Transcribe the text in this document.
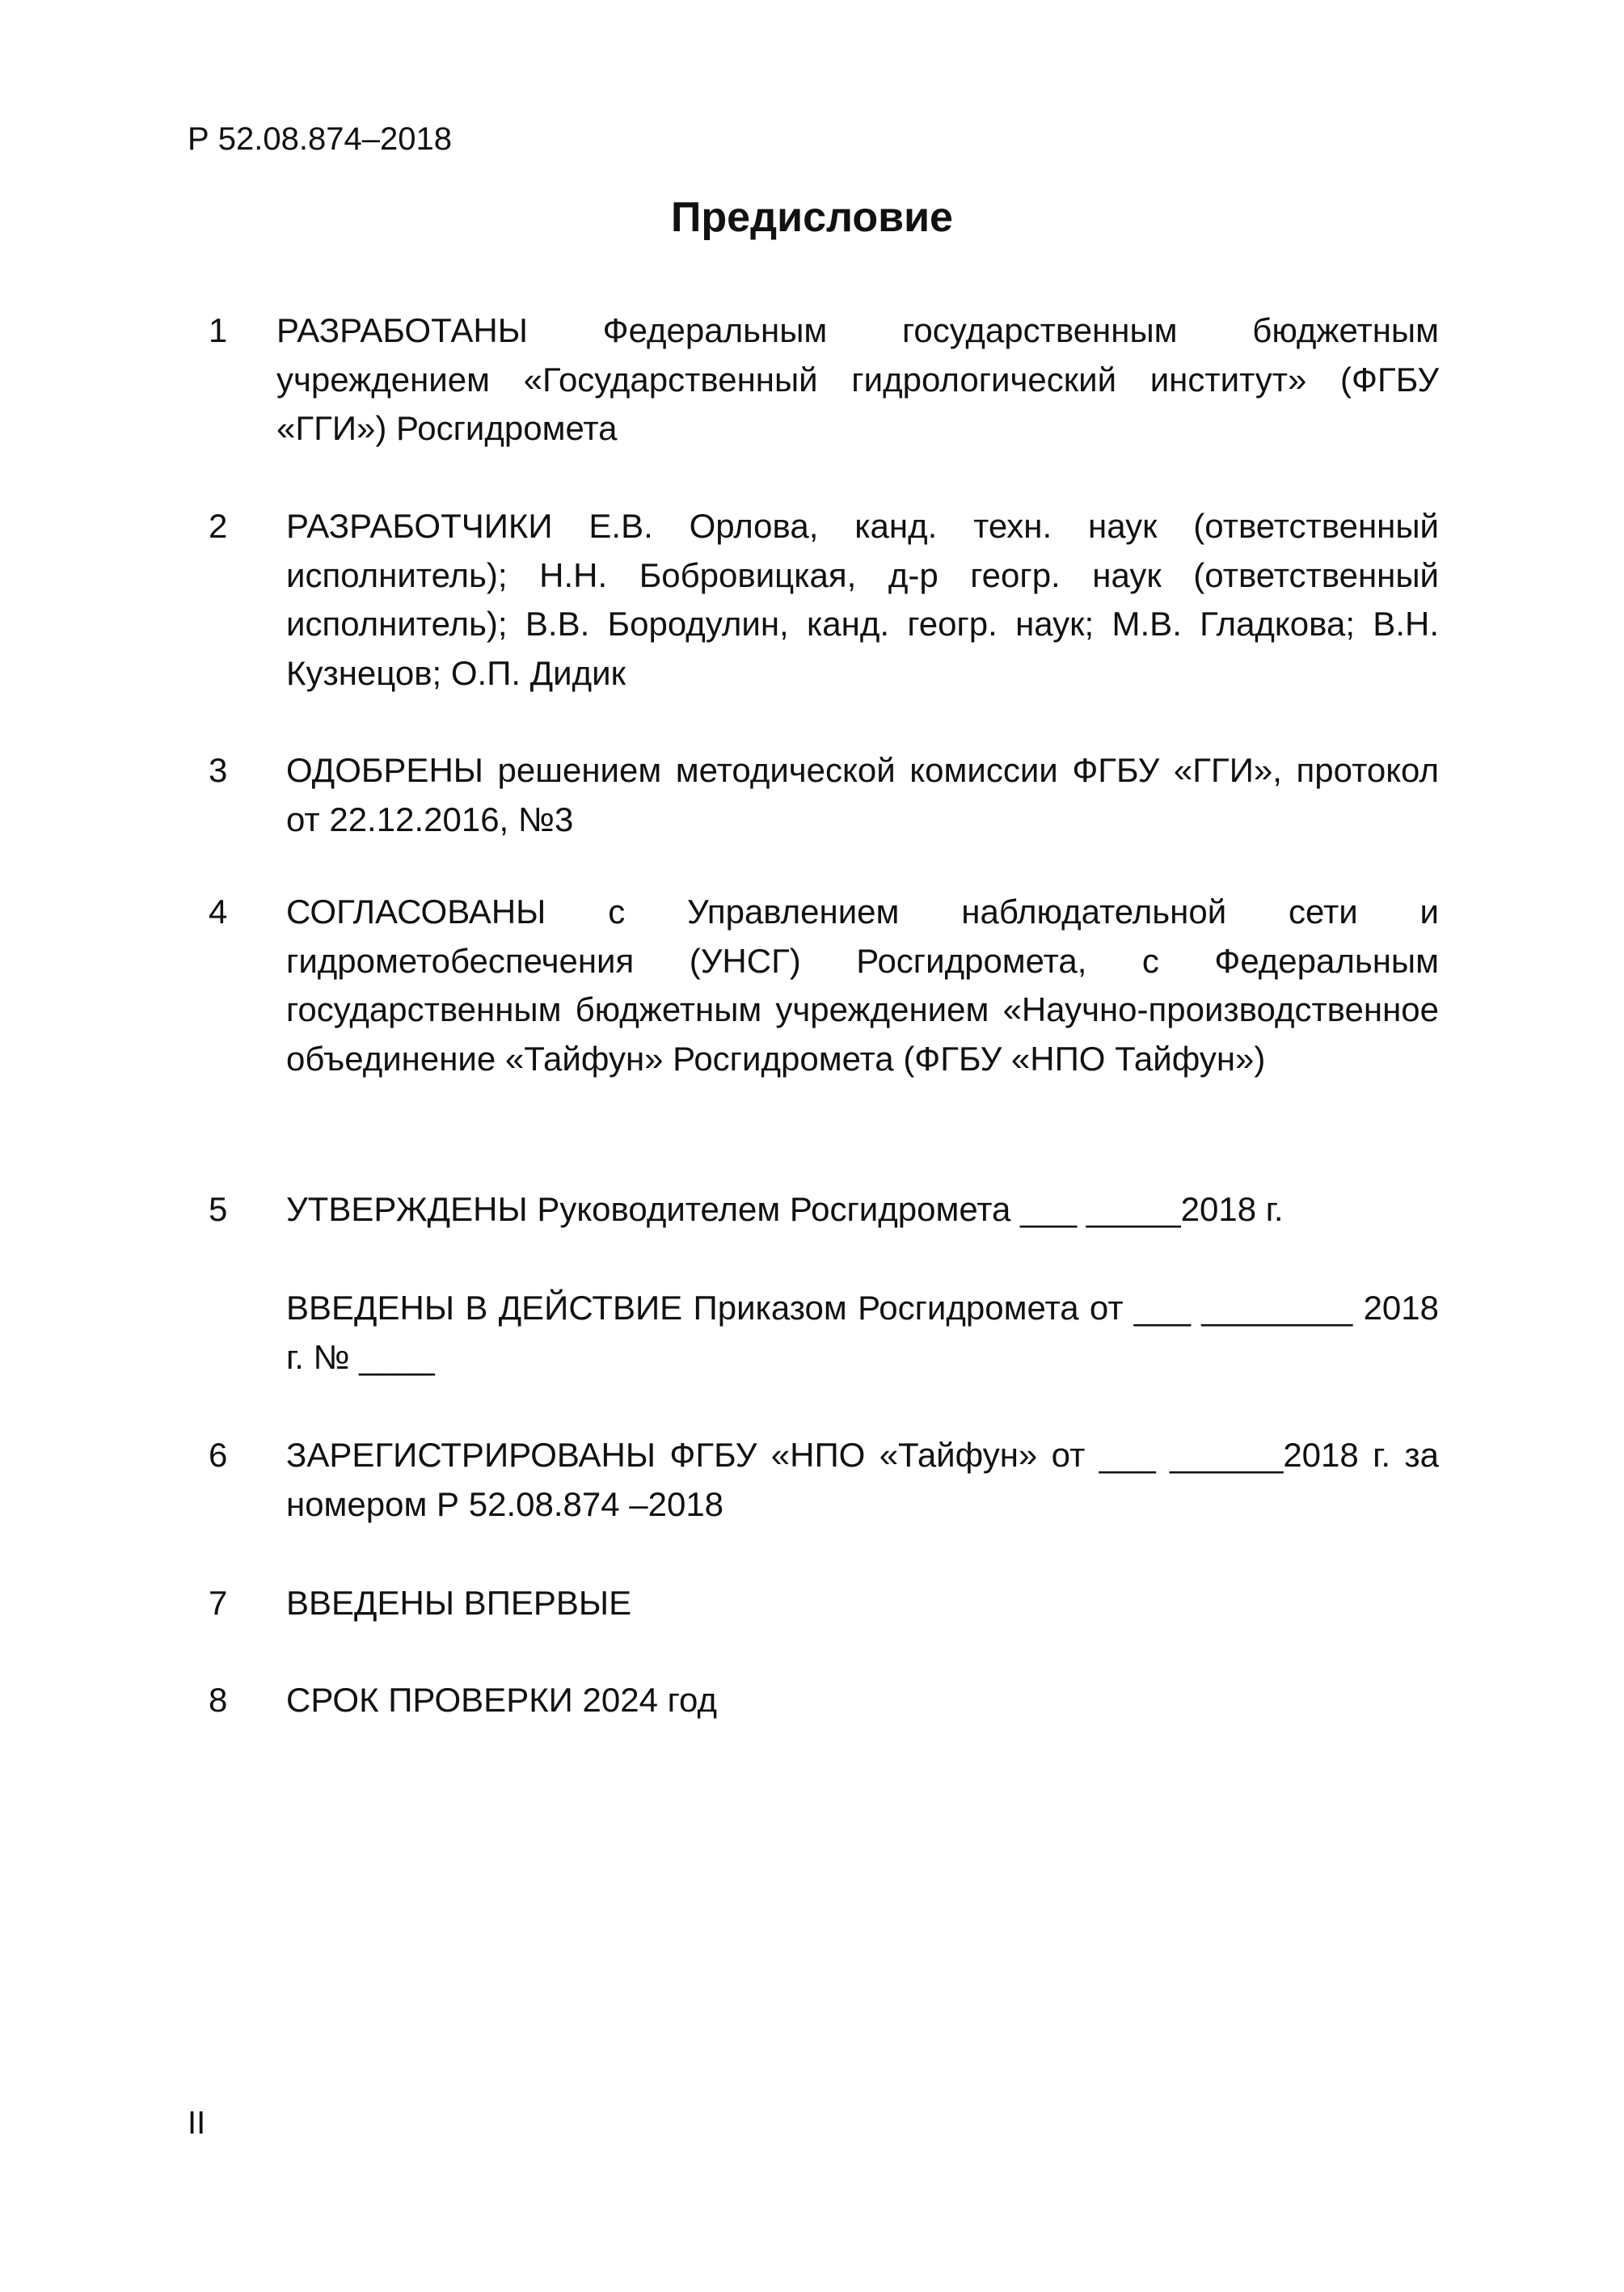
Р 52.08.874–2018
Предисловие
1	РАЗРАБОТАНЫ Федеральным государственным бюджетным учреждением «Государственный гидрологический институт» (ФГБУ «ГГИ») Росгидромета
2	РАЗРАБОТЧИКИ Е.В. Орлова, канд. техн. наук (ответственный исполнитель); Н.Н. Бобровицкая, д-р геогр. наук (ответственный исполнитель); В.В. Бородулин, канд. геогр. наук; М.В. Гладкова; В.Н. Кузнецов; О.П. Дидик
3	ОДОБРЕНЫ решением методической комиссии ФГБУ «ГГИ», протокол от 22.12.2016, №3
4	СОГЛАСОВАНЫ с Управлением наблюдательной сети и гидрометобеспечения (УНСГ) Росгидромета, с Федеральным государственным бюджетным учреждением «Научно-производственное объединение «Тайфун» Росгидромета (ФГБУ «НПО Тайфун»)
5	УТВЕРЖДЕНЫ Руководителем Росгидромета ___ _____2018 г.
ВВЕДЕНЫ В ДЕЙСТВИЕ Приказом Росгидромета от ___ ________ 2018 г. № ____
6	ЗАРЕГИСТРИРОВАНЫ ФГБУ «НПО «Тайфун» от ___ ______2018 г. за номером Р 52.08.874 –2018
7	ВВЕДЕНЫ ВПЕРВЫЕ
8	СРОК ПРОВЕРКИ 2024 год
II
